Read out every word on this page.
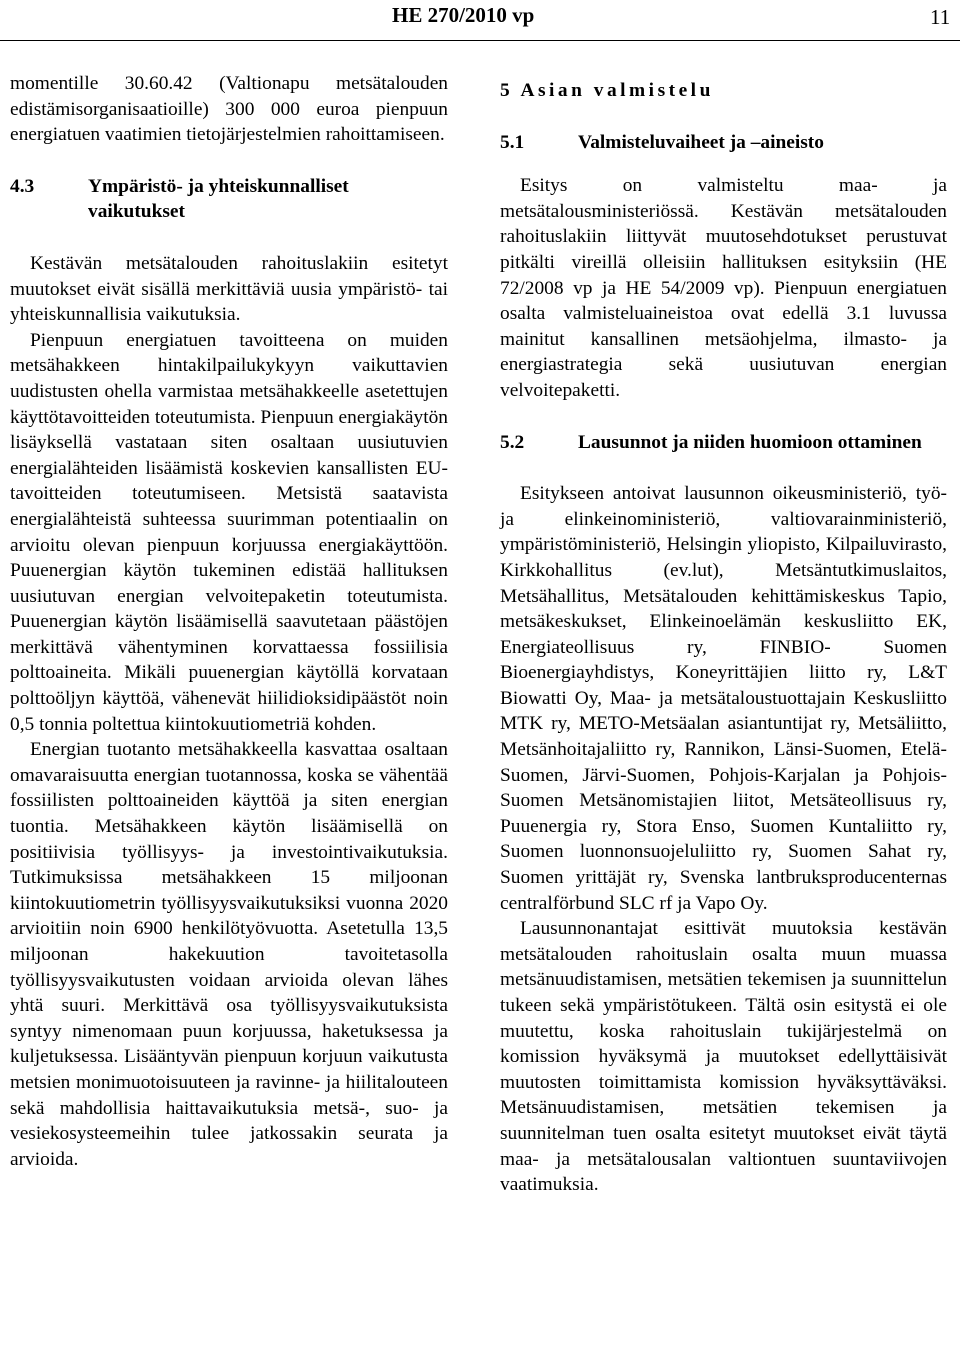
HE 270/2010 vp	11

momentille 30.60.42 (Valtionapu metsätalouden edistämisorganisaatioille) 300 000 euroa pienpuun energiatuen vaatimien tietojärjestelmien rahoittamiseen.

4.3	Ympäristö- ja yhteiskunnalliset vaikutukset

Kestävän metsätalouden rahoituslakiin esitetyt muutokset eivät sisällä merkittäviä uusia ympäristö- tai yhteiskunnallisia vaikutuksia.

Pienpuun energiatuen tavoitteena on muiden metsähakkeen hintakilpailukykyyn vaikuttavien uudistusten ohella varmistaa metsähakkeelle asetettujen käyttötavoitteiden toteutumista. Pienpuun energiakäytön lisäyksellä vastataan siten osaltaan uusiutuvien energialähteiden lisäämistä koskevien kansallisten EU-tavoitteiden toteutumiseen. Metsistä saatavista energialähteistä suhteessa suurimman potentiaalin on arvioitu olevan pienpuun korjuussa energiakäyttöön. Puuenergian käytön tukeminen edistää hallituksen uusiutuvan energian velvoitepaketin toteutumista. Puuenergian käytön lisäämisellä saavutetaan päästöjen merkittävä vähentyminen korvattaessa fossiilisia polttoaineita. Mikäli puuenergian käytöllä korvataan polttoöljyn käyttöä, vähenevät hiilidioksidipäästöt noin 0,5 tonnia poltettua kiintokuutiometriä kohden.

Energian tuotanto metsähakkeella kasvattaa osaltaan omavaraisuutta energian tuotannossa, koska se vähentää fossiilisten polttoaineiden käyttöä ja siten energian tuontia. Metsähakkeen käytön lisäämisellä on positiivisia työllisyys- ja investointivaikutuksia. Tutkimuksissa metsähakkeen 15 miljoonan kiintokuutiometrin työllisyysvaikutuksiksi vuonna 2020 arvioitiin noin 6900 henkilötyövuotta. Asetetulla 13,5 miljoonan hakekuution tavoitetasolla työllisyysvaikutusten voidaan arvioida olevan lähes yhtä suuri. Merkittävä osa työllisyysvaikutuksista syntyy nimenomaan puun korjuussa, haketuksessa ja kuljetuksessa. Lisääntyvän pienpuun korjuun vaikutusta metsien monimuotoisuuteen ja ravinne- ja hiilitalouteen sekä mahdollisia haittavaikutuksia metsä-, suo- ja vesiekosysteemeihin tulee jatkossakin seurata ja arvioida.

5 Asian valmistelu
5.1	Valmisteluvaiheet ja –aineisto

Esitys on valmisteltu maa- ja metsätalousministeriössä. Kestävän metsätalouden rahoituslakiin liittyvät muutosehdotukset perustuvat pitkälti vireillä olleisiin hallituksen esityksiin (HE 72/2008 vp ja HE 54/2009 vp). Pienpuun energiatuen osalta valmisteluaineistoa ovat edellä 3.1 luvussa mainitut kansallinen metsäohjelma, ilmasto- ja energiastrategia sekä uusiutuvan energian velvoitepaketti.

5.2	Lausunnot ja niiden huomioon ottaminen

Esitykseen antoivat lausunnon oikeusministeriö, työ- ja elinkeinoministeriö, valtiovarainministeriö, ympäristöministeriö, Helsingin yliopisto, Kilpailuvirasto, Kirkkohallitus (ev.lut), Metsäntutkimuslaitos, Metsähallitus, Metsätalouden kehittämiskeskus Tapio, metsäkeskukset, Elinkeinoelämän keskusliitto EK, Energiateollisuus ry, FINBIO- Suomen Bioenergiayhdistys, Koneyrittäjien liitto ry, L&T Biowatti Oy, Maa- ja metsätaloustuottajain Keskusliitto MTK ry, METO-Metsäalan asiantuntijat ry, Metsäliitto, Metsänhoitajaliitto ry, Rannikon, Länsi-Suomen, Etelä-Suomen, Järvi-Suomen, Pohjois-Karjalan ja Pohjois-Suomen Metsänomistajien liitot, Metsäteollisuus ry, Puuenergia ry, Stora Enso, Suomen Kuntaliitto ry, Suomen luonnonsuojeluliitto ry, Suomen Sahat ry, Suomen yrittäjät ry, Svenska lantbruksproducenternas centralförbund SLC rf ja Vapo Oy.

Lausunnonantajat esittivät muutoksia kestävän metsätalouden rahoituslain osalta muun muassa metsänuudistamisen, metsätien tekemisen ja suunnittelun tukeen sekä ympäristötukeen. Tältä osin esitystä ei ole muutettu, koska rahoituslain tukijärjestelmä on komission hyväksymä ja muutokset edellyttäisivät muutosten toimittamista komission hyväksyttäväksi. Metsänuudistamisen, metsätien tekemisen ja suunnitelman tuen osalta esitetyt muutokset eivät täytä maa- ja metsätalousalan valtiontuen suuntaviivojen vaatimuksia.
